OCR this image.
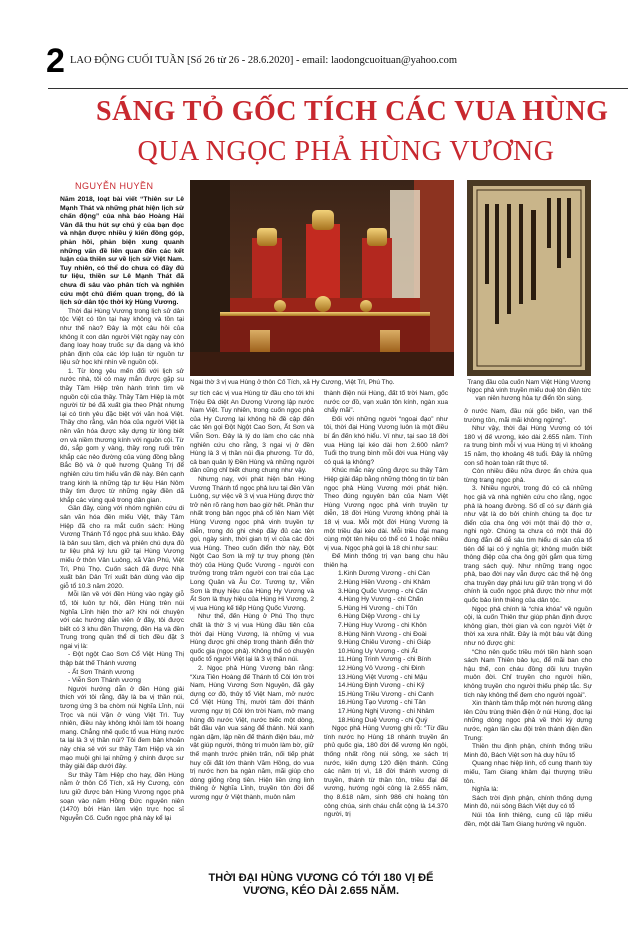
2 LAO ĐỘNG CUỐI TUẦN [Số 26 từ 26 - 28.6.2020] - email: laodongcuoituan@yahoo.com
SÁNG TỎ GỐC TÍCH CÁC VUA HÙNG
QUA NGỌC PHẢ HÙNG VƯƠNG
NGUYỄN HUYỀN
Ngai thờ 3 vị vua Hùng ở thôn Cổ Tích, xã Hy Cương, Việt Trì, Phú Thọ.	Trang đầu của cuốn Nam Việt Hùng Vương Ngọc phả vinh truyền miếu duệ tôn điện tức vạn niên hương hỏa tự điển tồn sùng.

Năm 2018, loạt bài viết “Thiên sư Lê Mạnh Thát và những phát hiện lịch sử chấn động” của nhà báo Hoàng Hải Vân đã thu hút sự chú ý của bạn đọc và nhận được nhiều ý kiến đồng góp, phản hồi, phản biện xung quanh những vấn đề liên quan đến các kết luận của thiền sư về lịch sử Việt Nam. Tuy nhiên, có thể do chưa có đầy đủ tư liệu, thiền sư Lê Mạnh Thát đã chưa đi sâu vào phân tích và nghiên cứu một chủ điểm quan trọng, đó là lịch sử dân tộc thời kỳ Hùng Vương.

Thời đại Hùng Vương trong lịch sử dân tộc Việt có tồn tại hay không và tồn tại như thế nào? Đây là một câu hỏi của không ít con dân người Việt ngày nay còn đang loay hoay truốc sự đa dạng và khó phân định của các lớp luận từ nguồn tư liệu sử học khi nhìn về nguồn cội.

1. Từ lòng yêu mến đối với lịch sử nước nhà, tôi có may mắn được gặp su thầy Tâm Hiệp trên hành trình tìm về nguồn cội của thầy. Thầy Tâm Hiệp là một người từ bé đã xuất gia theo Phật nhưng lại có tình yêu đặc biệt với văn hoá Việt. Thầy cho rằng, văn hóa của người Việt là nền văn hóa được xây dựng từ lòng biết ơn và niềm thương kính với nguồn cội. Từ đó, sắp gom y vàng, thầy rong ruổi trên khắp các nẻo đường của vùng đồng bằng Bắc Bộ và ở quê hương Quảng Trị để nghiên cứu tìm hiểu vấn đề này. Bên cạnh trang kinh là những tập tư liệu Hán Nôm thầy tìm được từ những ngày điền dã khắp các vùng quê trong dân gian.

Gần đây, cùng với nhóm nghiên cứu di sản văn hóa đền miếu Việt, thầy Tâm Hiệp đã cho ra mắt cuốn sách: Hùng Vương Thánh Tổ ngọc phả suu khảo. Đây là bản suu tầm, dịch và phiên chú dựa đủ tư liệu phả ký lưu giữ tại Hùng Vương miếu ở thôn Vân Luông, xã Vân Phú, Việt Trì, Phú Thọ. Cuốn sách đã được Nhà xuất bản Dân Trí xuất bản dùng vào dịp giỗ tổ 10.3 năm 2020.

Mỗi lần về với đền Hùng vào ngày giỗ tổ, tôi luôn tự hỏi, đền Hùng trên núi Nghĩa Lĩnh hiện thờ ai? Khi nói chuyện với các hướng dẫn viên ở đây, tôi được biết có 3 khu đền Thượng, đền Hạ và đền Trung trong quần thể di tích đều đặt 3 ngai vị là:

- Đột ngột Cao Sơn Cổ Việt Hùng Thị thập bát thế Thánh vương

- Ất Sơn Thánh vương

- Viễn Sơn Thánh vương

Người hướng dẫn ở đền Hùng giải thích với tôi rằng, đây là ba vị thần núi, tương ứng 3 ba chòm núi Nghĩa Lĩnh, núi Trọc và núi Vặn ở vùng Việt Trì. Tuy nhiên, điều này không khỏi làm tôi hoang mang. Chẳng nhẽ quốc tổ vua Hùng nước ta lại là 3 vị thần núi? Tôi đem bản khoăn này chia sẻ với sư thầy Tâm Hiệp và xin mạo muội ghi lại những ý chính được sư thầy giải đáp dưới đây.

Sư thầy Tâm Hiệp cho hay, đền Hùng nằm ở thôn Cổ Tích, xã Hy Cương, còn lưu giữ được bản Hùng Vương ngọc phả soạn vào năm Hồng Đức nguyên niên (1470) bởi Hàn lâm viện trực học sĩ Nguyễn Cố. Cuốn ngọc phả này kể lại

sự tích các vị vua Hùng từ đầu cho tới khi Triệu Đà diệt An Dương Vương lập nước Nam Việt. Tuy nhiên, trong cuốn ngọc phả của Hy Cương lại không hề đề cập đến các tên gọi Đột Ngột Cao Sơn, Ất Sơn và Viễn Sơn. Đây là lý do làm cho các nhà nghiên cứu cho rằng, 3 ngai vị ở đền Hùng là 3 vị thần núi địa phương. Từ đó, cả ban quản lý Đền Hùng và những người dân cũng chỉ biết chung chung như vậy.

Nhưng nay, với phát hiện bản Hùng Vương Thánh tổ ngọc phả lưu tại đền Vân Luông, sự việc về 3 vị vua Hùng được thờ trở nên rõ ràng hơn bao giờ hết. Phần thư nhất trong bản ngọc phả cổ lên Nam Việt Hùng Vương ngọc phả vinh truyền tự diễn, trong đó ghi chép đầy đủ các tên gọi, ngày sinh, thời gian trị vì của các đời vua Hùng. Theo cuốn điển thờ này, Đột Ngột Cao Sơn là mỹ tự truy phong (tên thờ) của Hùng Quốc Vương - người con trưởng trong trăm người con trai của Lạc Long Quân và Âu Cơ. Tương tự, Viễn Sơn là thụy hiệu của Hùng Hy Vương và Ất Sơn là thụy hiệu của Hùng Hi Vương, 2 vị vua Hùng kế tiếp Hùng Quốc Vương.

Như thế, đến Hùng ở Phú Thọ thực chất là thờ 3 vị vua Hùng đầu tiên của thời đại Hùng Vương, là những vị vua Hùng được ghi chép trong thành điển thờ quốc gia (ngọc phả). Không thể có chuyện quốc tổ người Việt lại là 3 vị thần núi.

2. Ngọc phả Hùng Vương bản rằng: “Xưa Tiên Hoàng đế Thánh tổ Côi lớn trời Nam, Hùng Vương Sơn Nguyên, đã gây dựng cơ đồ, thủy tổ Việt Nam, mở nước Cổ Việt Hùng Thị, mười tám đời thánh vương ngự trị Côi lớn trời Nam, mở mang hùng đồ nước Việt, nước biếc một dòng, bất đầu vận vua sáng để thánh. Núi xanh ngàn dặm, lập nền đế thánh điện báu, mở vật giúp người, thông tri muôn làm bờ, giữ thế mạnh trước phiên trấn, nối tiếp phát huy cõi đất lớn thành Văm Hồng, do vua trị nước hơn ba ngàn năm, mãi giúp cho dòng giống rồng tiên. Hiện liền ứng linh thiêng ở Nghĩa Lĩnh, truyền tôn đời để vương ngự ở Việt thành, muôn năm

thành điện núi Hùng, đất tổ trời Nam, gốc nước cơ đồ, vạn xuân tôn kính, ngàn xua chẩy mãi”.

Đối với những người “ngoại đạo” như tôi, thời đại Hùng Vương luôn là một điều bí ẩn đến khó hiểu. Ví như, tại sao 18 đời vua Hùng lại kéo dài hơn 2.600 năm? Tuổi thọ trung bình mỗi đời vua Hùng vậy có quá lạ không?

Khúc mắc này cũng được su thầy Tâm Hiệp giải đáp bằng những thông tin từ bản ngọc phả Hùng Vương mới phát hiện. Theo đúng nguyên bản của Nam Việt Hùng Vương ngọc phả vinh truyền tự diễn, 18 đời Hùng Vương không phải là 18 vị vua. Mỗi một đời Hùng Vương là một triều đại kéo dài. Mỗi triều đại mang cùng một tên hiệu có thể có 1 hoặc nhiều vị vua. Ngọc phả gọi là 18 chi như sau:

Đế Minh thống trị vạn bang chu hầu thiên hạ

1.Kinh Dương Vương - chi Càn

2.Hùng Hiền Vương - chi Khảm

3.Hùng Quốc Vương - chi Cấn

4.Hùng Hy Vương - chi Chấn

5.Hùng Hi Vương - chi Tốn

6.Hùng Diệp Vương - chi Ly

7.Hùng Huy Vương - chi Khôn

8.Hùng Ninh Vương - chi Đoài

9.Hùng Chiêu Vương - chi Giáp

10.Hùng Uy Vương - chi Ất

11.Hùng Trinh Vương - chi Bính

12.Hùng Vỏ Vương - chi Đinh

13.Hùng Việt Vương - chi Mậu

14.Hùng Định Vương - chi Kỷ

15.Hùng Triều Vương - chi Canh

16.Hùng Tạo Vương - chi Tân

17.Hùng Nghị Vương - chi Nhâm

18.Hùng Duệ Vương - chi Quý

Ngọc phả Hùng Vương ghi rõ: “Từ đầu tính nước họ Hùng 18 nhánh truyền ấn phủ quốc gia, 180 đời đế vương lên ngôi, thống nhất rồng núi sông, xe sách trị nước, kiến dựng 120 điện thánh. Cũng các năm trị vì, 18 đời thánh vương di truyền, thánh từ thần tôn, triều đại đế vương, hướng ngôi công là 2.655 năm, thọ 8.618 năm, sinh 986 chi hoàng tôn công chúa, sinh cháu chắt cộng là 14.370 người, trị

ở nước Nam, đầu núi gốc biển, vạn thế trường tồn, mãi mãi không ngừng”.

Như vậy, thời đại Hùng Vương có tới 180 vị đế vương, kéo dài 2.655 năm. Tính ra trung bình mỗi vị vua Hùng trị vì khoảng 15 năm, thọ khoảng 48 tuổi. Đây là những con số hoàn toàn rất thực tế.

Còn nhiều điều nữa được ẩn chứa qua từng trang ngọc phả.

3. Nhiều người, trong đó có cả những học giả và nhà nghiên cứu cho rằng, ngọc phả là hoang đường. Số dĩ có sự đánh giá như vật là do bởi chính chúng ta đọc tư điển của cha ông với một thái độ thờ ơ, nghi ngờ. Chúng ta chưa có một thái độ đúng đắn để dễ sâu tìm hiểu di sản của tổ tiên để lại có ý nghĩa gì; không muốn biết thông điệp của cha ông gửi gắm qua từng trang sách quý. Như những trang ngọc phả, bao đời nay vẫn được các thế hệ ông cha truyền dạy phải lưu giữ trân trọng vì đó chính là cuốn ngọc phả được thờ như một quốc bảo linh thiêng của dân tộc.

Ngọc phả chính là “chìa khóa” về nguồn cội, là cuốn Thiên thư giúp phân định được không gian, thời gian và con người Việt ở thời xa xưa nhất. Đây là một báu vật đúng như nó được ghi:

“Cho nên quốc triều mới tiền hành soạn sách Nam Thiên bảo lục, để mãi ban cho hậu thế, con cháu đồng dõi lưu truyền muôn đời. Chỉ truyền cho người hiền, không truyền cho người thiếu phép tắc. Sự tích này không thể đem cho người ngoài”.

Xin thành tâm thắp một nén hương dâng lên Cửu trùng thiên điện ở núi Hùng, đọc lại những dòng ngọc phả về thời kỳ dựng nước, ngàn lần cầu đội trên thánh điện đền Trung:

Thiên thu định phận, chính thống triều Minh đô, Bách Việt sơn hà duy hữu tổ

Quang nhạc hiệp linh, cổ cung thanh tùy miếu, Tam Giang khâm đại thượng triều tôn.

Nghĩa là:

Sách trời định phận, chính thống dựng Minh đô, núi sông Bách Việt duy có tổ

Núi tỏa linh thiêng, cung cũ lập miếu đền, một dải Tam Giang hướng về nguồn.

THỜI ĐẠI HÙNG VƯƠNG CÓ TỚI 180 VỊ ĐẾ VƯƠNG, KÉO DÀI 2.655 NĂM.
